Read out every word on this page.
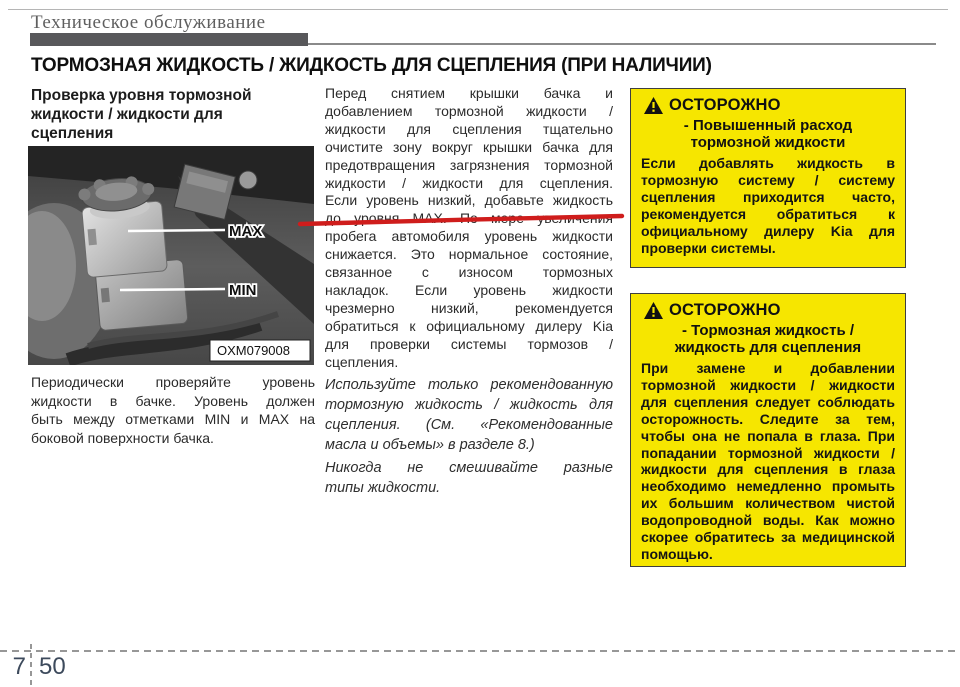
Техническое обслуживание
ТОРМОЗНАЯ ЖИДКОСТЬ / ЖИДКОСТЬ ДЛЯ СЦЕПЛЕНИЯ (ПРИ НАЛИЧИИ)
Проверка уровня тормозной
жидкости / жидкости для
сцепления
MAX
MIN
OXM079008
Периодически проверяйте уровень
жидкости в бачке. Уровень должен
быть между отметками MIN и MAX на
боковой поверхности бачка.
Перед снятием крышки бачка и
добавлением тормозной жидкости /
жидкости для сцепления тщательно
очистите зону вокруг крышки бачка для
предотвращения загрязнения тормозной
жидкости / жидкости для сцепления.
Если уровень низкий, добавьте жидкость
до уровня MAX. По мере увеличения
пробега автомобиля уровень жидкости
снижается. Это нормальное состояние,
связанное с износом тормозных
накладок. Если уровень жидкости
чрезмерно низкий, рекомендуется
обратиться к официальному дилеру Kia
для проверки системы тормозов /
сцепления.
Используйте только рекомендованную
тормозную жидкость / жидкость для
сцепления. (См. «Рекомендованные
масла и объемы» в разделе 8.)
Никогда не смешивайте разные
типы жидкости.
ОСТОРОЖНО
- Повышенный расход
тормозной жидкости
Если добавлять жидкость в
тормозную систему / систему
сцепления приходится часто,
рекомендуется обратиться к
официальному дилеру Kia для
проверки системы.
ОСТОРОЖНО
- Тормозная жидкость /
жидкость для сцепления
При замене и добавлении
тормозной жидкости / жидкости
для сцепления следует соблюдать
осторожность. Следите за тем,
чтобы она не попала в глаза. При
попадании тормозной жидкости /
жидкости для сцепления в глаза
необходимо немедленно промыть
их большим количеством чистой
водопроводной воды. Как можно
скорее обратитесь за медицинской
помощью.
7 50
